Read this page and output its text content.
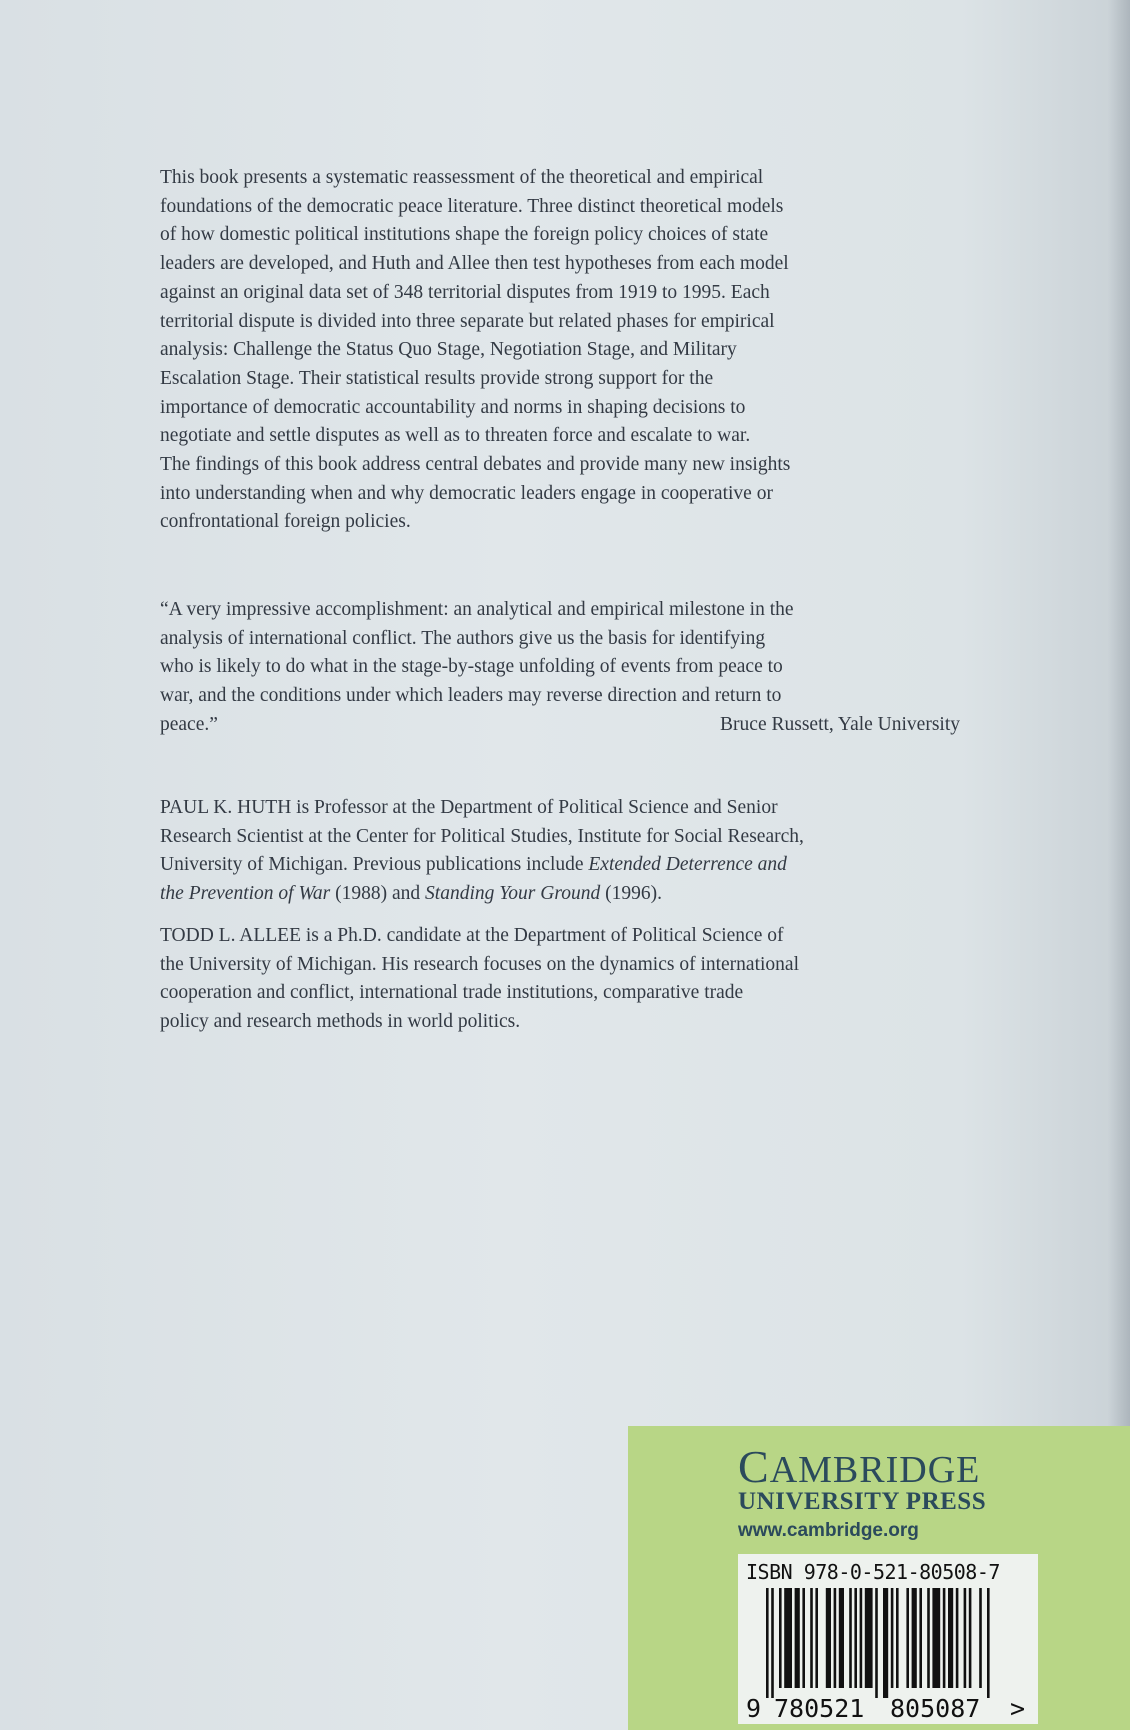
This book presents a systematic reassessment of the theoretical and empirical
foundations of the democratic peace literature. Three distinct theoretical models
of how domestic political institutions shape the foreign policy choices of state
leaders are developed, and Huth and Allee then test hypotheses from each model
against an original data set of 348 territorial disputes from 1919 to 1995. Each
territorial dispute is divided into three separate but related phases for empirical
analysis: Challenge the Status Quo Stage, Negotiation Stage, and Military
Escalation Stage. Their statistical results provide strong support for the
importance of democratic accountability and norms in shaping decisions to
negotiate and settle disputes as well as to threaten force and escalate to war.
The findings of this book address central debates and provide many new insights
into understanding when and why democratic leaders engage in cooperative or
confrontational foreign policies.
“A very impressive accomplishment: an analytical and empirical milestone in the
analysis of international conflict. The authors give us the basis for identifying
who is likely to do what in the stage-by-stage unfolding of events from peace to
war, and the conditions under which leaders may reverse direction and return to
peace.”	Bruce Russett, Yale University
PAUL K. HUTH is Professor at the Department of Political Science and Senior
Research Scientist at the Center for Political Studies, Institute for Social Research,
University of Michigan. Previous publications include Extended Deterrence and
the Prevention of War (1988) and Standing Your Ground (1996).
TODD L. ALLEE is a Ph.D. candidate at the Department of Political Science of
the University of Michigan. His research focuses on the dynamics of international
cooperation and conflict, international trade institutions, comparative trade
policy and research methods in world politics.
CAMBRIDGE
UNIVERSITY PRESS
www.cambridge.org
ISBN 978-0-521-80508-7
9 780521 805087 >
